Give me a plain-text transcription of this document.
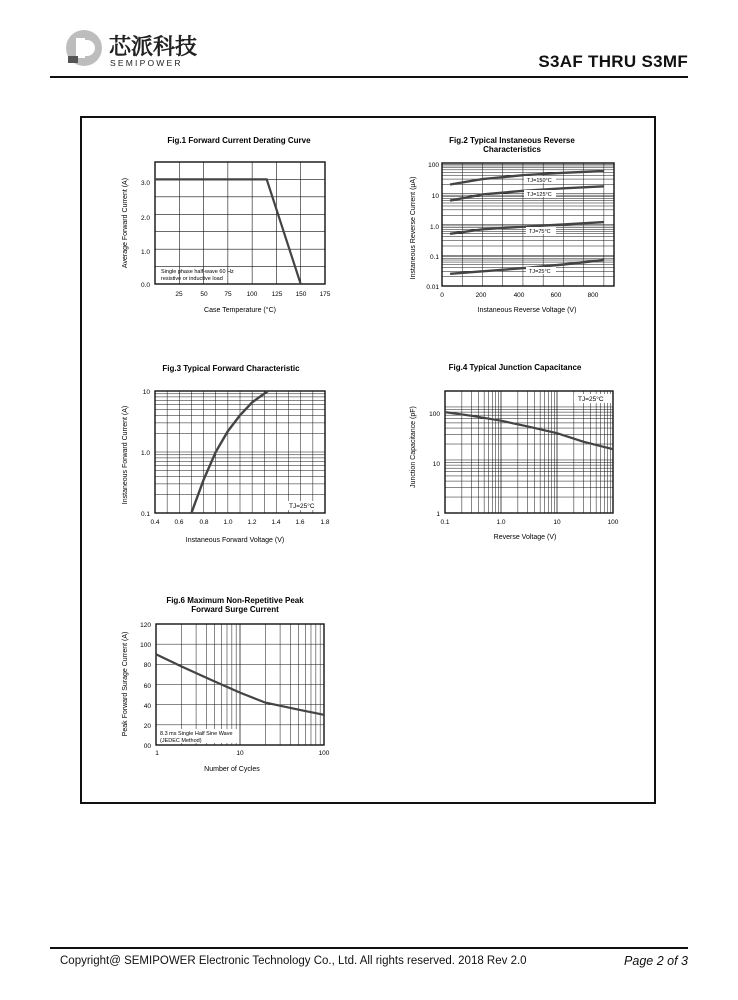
芯派科技
SEMIPOWER	S3AF THRU S3MF
Fig.1 Forward Current Derating Curve
Single phase half-wave 60 Hz
resistive or inductive load
3.0
2.0
1.0
0.0
25	50	75 100 125 150 175
Case Temperature (°C)
Average Forward Current (A)
Fig.2 Typical Instaneous Reverse
Characteristics
TJ=150°C
TJ=125°C
TJ=75°C
TJ=25°C
100
10
1.0
0.1
0.01
0	200	400	600	800
Instaneous Reverse Voltage (V)
Instaneous Reverse Current (μA)
Fig.3 Typical Forward Characteristic
TJ=25°C
10
1.0
0.1
0.4 0.6 0.8 1.0 1.2 1.4 1.6 1.8
Instaneous Forward Voltage (V)
Instaneous Forward Current (A)
Fig.4 Typical Junction Capacitance
TJ=25°C
100
10
1
0.1	1.0	10	100
Reverse Voltage (V)
Junction Capacitance (pF)
Fig.6 Maximum Non-Repetitive Peak
Forward Surge Current
8.3 ms Single Half Sine Wave
(JEDEC Method)
120
100
80
60
40
20
00
1	10	100
Number of Cycles
Peak Forward Surage Current (A)
Copyright@ SEMIPOWER Electronic Technology Co., Ltd. All rights reserved. 2018 Rev 2.0	Page 2 of 3
